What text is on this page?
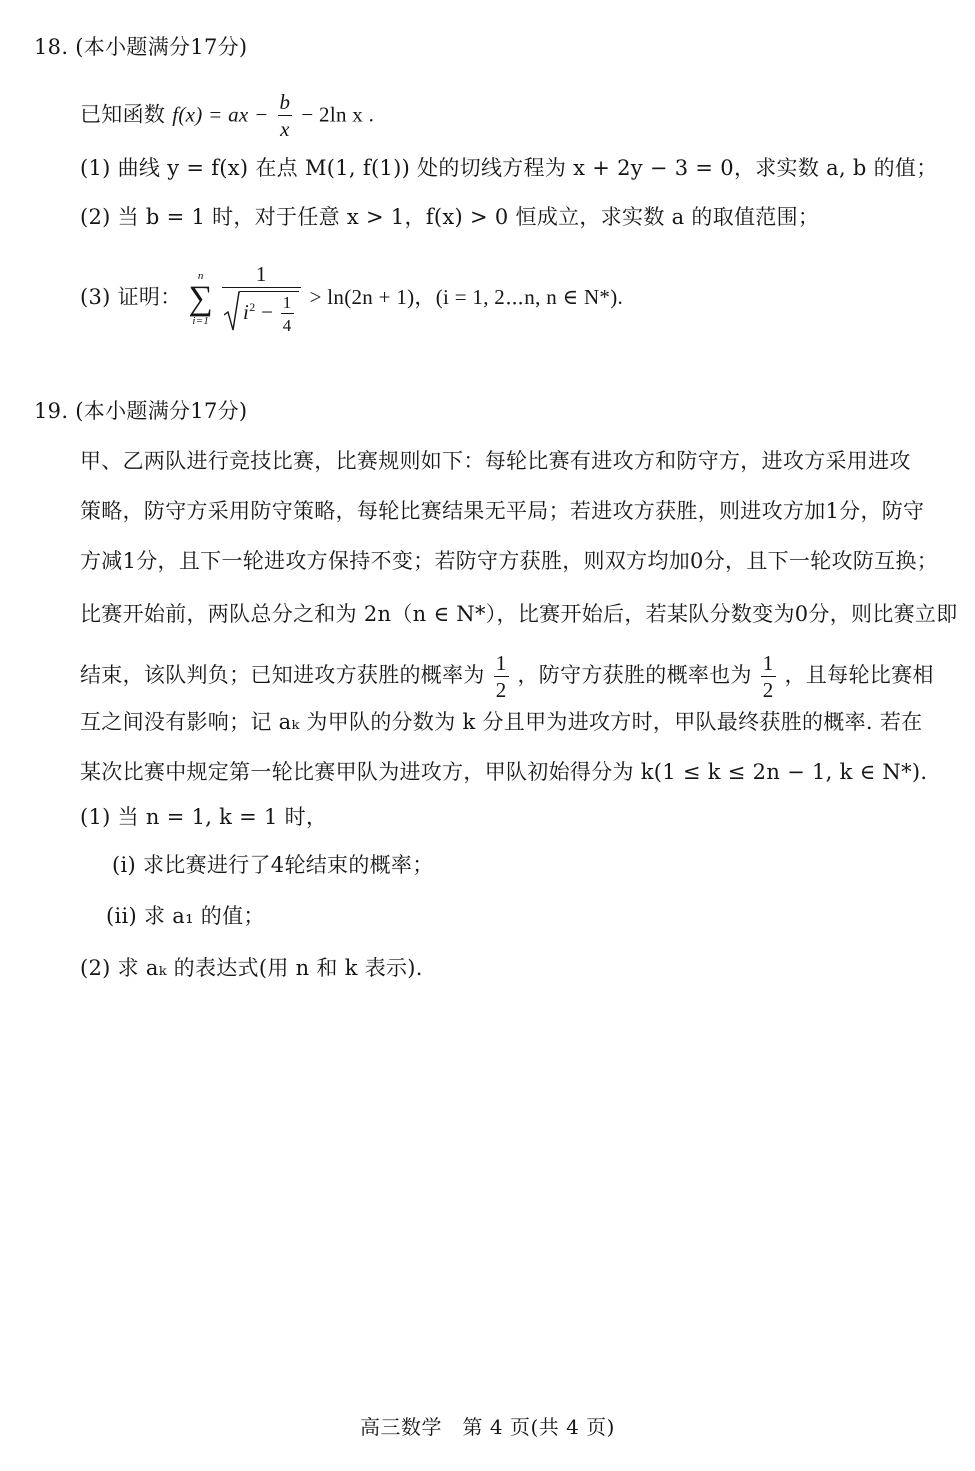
18. (本小题满分17分)
已知函数 f(x) = ax − $\frac{b}{x} - 2\ln$ x .
(1) 曲线 y = f(x) 在点 M(1, f(1)) 处的切线方程为 x + 2y − 3 = 0，求实数 a, b 的值；
(2) 当 b = 1 时，对于任意 x > 1，f(x) > 0 恒成立，求实数 a 的取值范围；
(3) 证明：
n
∑
i=1

1
$i^2 - \frac{1}{4} > \ln(2n + 1)$，(i = 1, 2⋯n, n ∈ N*).
19. (本小题满分17分)
甲、乙两队进行竞技比赛，比赛规则如下：每轮比赛有进攻方和防守方，进攻方采用进攻
策略，防守方采用防守策略，每轮比赛结果无平局；若进攻方获胜，则进攻方加1分，防守
方减1分，且下一轮进攻方保持不变；若防守方获胜，则双方均加0分，且下一轮攻防互换；
比赛开始前，两队总分之和为 2n（n ∈ N*），比赛开始后，若某队分数变为0分，则比赛立即
结束，该队判负；已知进攻方获胜的概率为 $\frac{1}{2}$ ，防守方获胜的概率也为 $\frac{1}{2}$ ，且每轮比赛相
互之间没有影响；记 aₖ 为甲队的分数为 k 分且甲为进攻方时，甲队最终获胜的概率. 若在
某次比赛中规定第一轮比赛甲队为进攻方，甲队初始得分为 k(1 ≤ k ≤ 2n − 1, k ∈ N*).
(1) 当 n = 1, k = 1 时，
(i) 求比赛进行了4轮结束的概率；
(ii) 求 a₁ 的值；
(2) 求 aₖ 的表达式(用 n 和 k 表示).
高三数学　第 4 页(共 4 页)
